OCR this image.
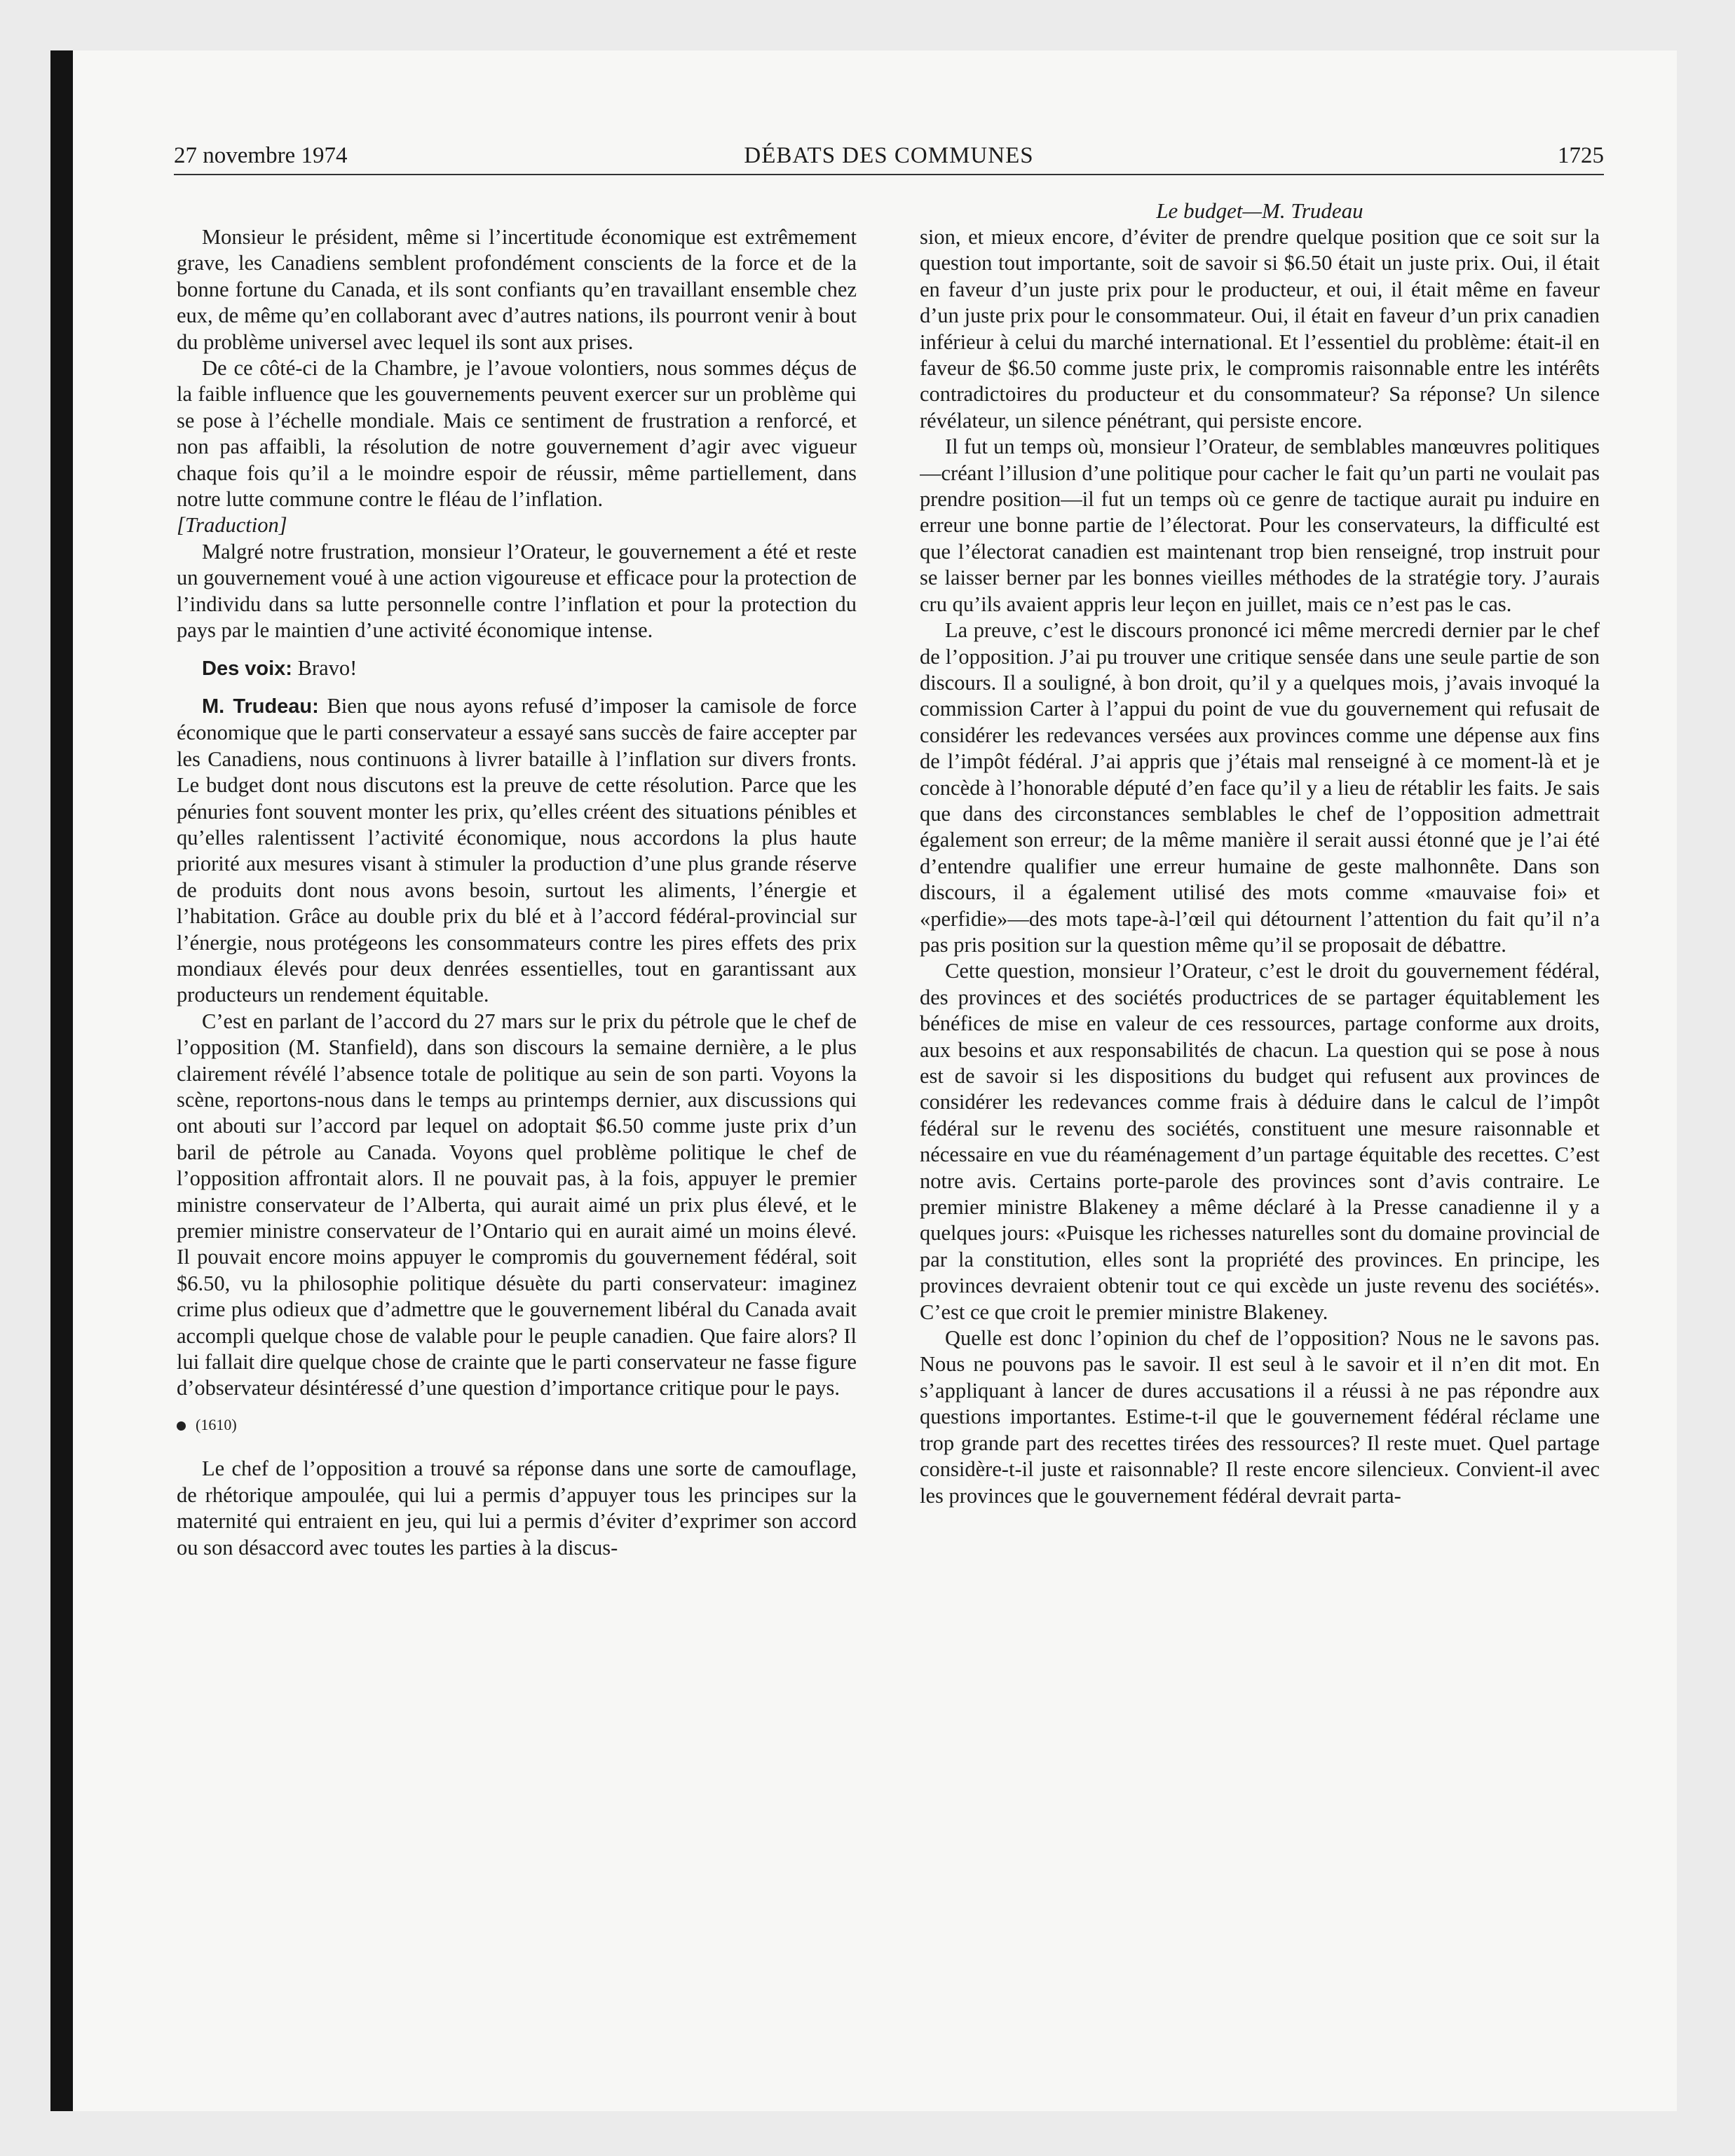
27 novembre 1974	DÉBATS DES COMMUNES	1725

Monsieur le président, même si l’incertitude économique est extrêmement grave, les Canadiens semblent profondément conscients de la force et de la bonne fortune du Canada, et ils sont confiants qu’en travaillant ensemble chez eux, de même qu’en collaborant avec d’autres nations, ils pourront venir à bout du problème universel avec lequel ils sont aux prises.

De ce côté-ci de la Chambre, je l’avoue volontiers, nous sommes déçus de la faible influence que les gouvernements peuvent exercer sur un problème qui se pose à l’échelle mondiale. Mais ce sentiment de frustration a renforcé, et non pas affaibli, la résolution de notre gouvernement d’agir avec vigueur chaque fois qu’il a le moindre espoir de réussir, même partiellement, dans notre lutte commune contre le fléau de l’inflation.

[Traduction]

Malgré notre frustration, monsieur l’Orateur, le gouvernement a été et reste un gouvernement voué à une action vigoureuse et efficace pour la protection de l’individu dans sa lutte personnelle contre l’inflation et pour la protection du pays par le maintien d’une activité économique intense.

Des voix: Bravo!

M. Trudeau: Bien que nous ayons refusé d’imposer la camisole de force économique que le parti conservateur a essayé sans succès de faire accepter par les Canadiens, nous continuons à livrer bataille à l’inflation sur divers fronts. Le budget dont nous discutons est la preuve de cette résolution. Parce que les pénuries font souvent monter les prix, qu’elles créent des situations pénibles et qu’elles ralentissent l’activité économique, nous accordons la plus haute priorité aux mesures visant à stimuler la production d’une plus grande réserve de produits dont nous avons besoin, surtout les aliments, l’énergie et l’habitation. Grâce au double prix du blé et à l’accord fédéral-provincial sur l’énergie, nous protégeons les consommateurs contre les pires effets des prix mondiaux élevés pour deux denrées essentielles, tout en garantissant aux producteurs un rendement équitable.

C’est en parlant de l’accord du 27 mars sur le prix du pétrole que le chef de l’opposition (M. Stanfield), dans son discours la semaine dernière, a le plus clairement révélé l’absence totale de politique au sein de son parti. Voyons la scène, reportons-nous dans le temps au printemps dernier, aux discussions qui ont abouti sur l’accord par lequel on adoptait $6.50 comme juste prix d’un baril de pétrole au Canada. Voyons quel problème politique le chef de l’opposition affrontait alors. Il ne pouvait pas, à la fois, appuyer le premier ministre conservateur de l’Alberta, qui aurait aimé un prix plus élevé, et le premier ministre conservateur de l’Ontario qui en aurait aimé un moins élevé. Il pouvait encore moins appuyer le compromis du gouvernement fédéral, soit $6.50, vu la philosophie politique désuète du parti conservateur: imaginez crime plus odieux que d’admettre que le gouvernement libéral du Canada avait accompli quelque chose de valable pour le peuple canadien. Que faire alors? Il lui fallait dire quelque chose de crainte que le parti conservateur ne fasse figure d’observateur désintéressé d’une question d’importance critique pour le pays.

(1610)

Le chef de l’opposition a trouvé sa réponse dans une sorte de camouflage, de rhétorique ampoulée, qui lui a permis d’appuyer tous les principes sur la maternité qui entraient en jeu, qui lui a permis d’éviter d’exprimer son accord ou son désaccord avec toutes les parties à la discus-

Le budget—M. Trudeau

sion, et mieux encore, d’éviter de prendre quelque position que ce soit sur la question tout importante, soit de savoir si $6.50 était un juste prix. Oui, il était en faveur d’un juste prix pour le producteur, et oui, il était même en faveur d’un juste prix pour le consommateur. Oui, il était en faveur d’un prix canadien inférieur à celui du marché international. Et l’essentiel du problème: était-il en faveur de $6.50 comme juste prix, le compromis raisonnable entre les intérêts contradictoires du producteur et du consommateur? Sa réponse? Un silence révélateur, un silence pénétrant, qui persiste encore.

Il fut un temps où, monsieur l’Orateur, de semblables manœuvres politiques—créant l’illusion d’une politique pour cacher le fait qu’un parti ne voulait pas prendre position—il fut un temps où ce genre de tactique aurait pu induire en erreur une bonne partie de l’électorat. Pour les conservateurs, la difficulté est que l’électorat canadien est maintenant trop bien renseigné, trop instruit pour se laisser berner par les bonnes vieilles méthodes de la stratégie tory. J’aurais cru qu’ils avaient appris leur leçon en juillet, mais ce n’est pas le cas.

La preuve, c’est le discours prononcé ici même mercredi dernier par le chef de l’opposition. J’ai pu trouver une critique sensée dans une seule partie de son discours. Il a souligné, à bon droit, qu’il y a quelques mois, j’avais invoqué la commission Carter à l’appui du point de vue du gouvernement qui refusait de considérer les redevances versées aux provinces comme une dépense aux fins de l’impôt fédéral. J’ai appris que j’étais mal renseigné à ce moment-là et je concède à l’honorable député d’en face qu’il y a lieu de rétablir les faits. Je sais que dans des circonstances semblables le chef de l’opposition admettrait également son erreur; de la même manière il serait aussi étonné que je l’ai été d’entendre qualifier une erreur humaine de geste malhonnête. Dans son discours, il a également utilisé des mots comme «mauvaise foi» et «perfidie»—des mots tape-à-l’œil qui détournent l’attention du fait qu’il n’a pas pris position sur la question même qu’il se proposait de débattre.

Cette question, monsieur l’Orateur, c’est le droit du gouvernement fédéral, des provinces et des sociétés productrices de se partager équitablement les bénéfices de mise en valeur de ces ressources, partage conforme aux droits, aux besoins et aux responsabilités de chacun. La question qui se pose à nous est de savoir si les dispositions du budget qui refusent aux provinces de considérer les redevances comme frais à déduire dans le calcul de l’impôt fédéral sur le revenu des sociétés, constituent une mesure raisonnable et nécessaire en vue du réaménagement d’un partage équitable des recettes. C’est notre avis. Certains porte-parole des provinces sont d’avis contraire. Le premier ministre Blakeney a même déclaré à la Presse canadienne il y a quelques jours: «Puisque les richesses naturelles sont du domaine provincial de par la constitution, elles sont la propriété des provinces. En principe, les provinces devraient obtenir tout ce qui excède un juste revenu des sociétés». C’est ce que croit le premier ministre Blakeney.

Quelle est donc l’opinion du chef de l’opposition? Nous ne le savons pas. Nous ne pouvons pas le savoir. Il est seul à le savoir et il n’en dit mot. En s’appliquant à lancer de dures accusations il a réussi à ne pas répondre aux questions importantes. Estime-t-il que le gouvernement fédéral réclame une trop grande part des recettes tirées des ressources? Il reste muet. Quel partage considère-t-il juste et raisonnable? Il reste encore silencieux. Convient-il avec les provinces que le gouvernement fédéral devrait parta-
